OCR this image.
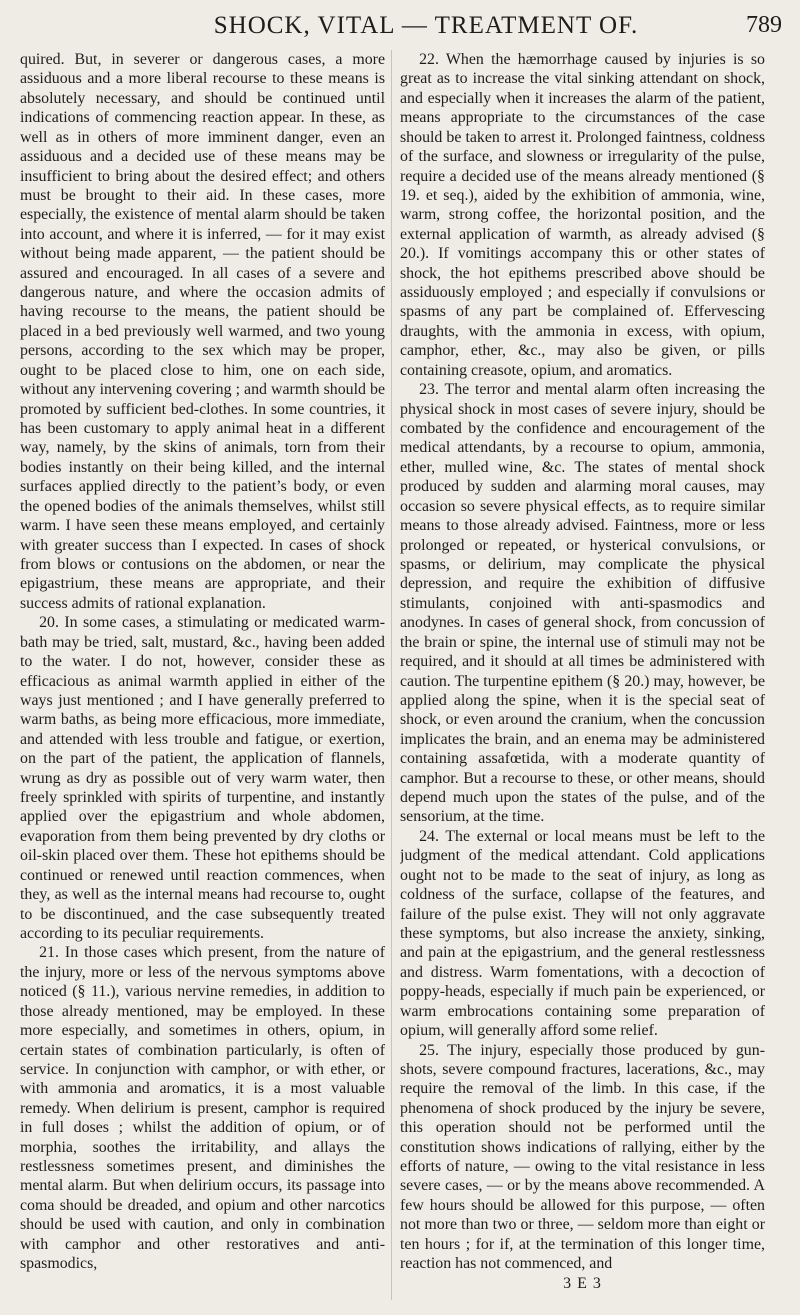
SHOCK, VITAL — TREATMENT OF.	789

quired. But, in severer or dangerous cases, a more assiduous and a more liberal recourse to these means is absolutely necessary, and should be continued until indications of commencing reaction appear. In these, as well as in others of more imminent danger, even an assiduous and a decided use of these means may be insufficient to bring about the desired effect; and others must be brought to their aid. In these cases, more especially, the existence of mental alarm should be taken into account, and where it is inferred, — for it may exist without being made apparent, — the patient should be assured and encouraged. In all cases of a severe and dangerous nature, and where the occasion admits of having recourse to the means, the patient should be placed in a bed previously well warmed, and two young persons, according to the sex which may be proper, ought to be placed close to him, one on each side, without any intervening covering ; and warmth should be promoted by sufficient bed-clothes. In some countries, it has been customary to apply animal heat in a different way, namely, by the skins of animals, torn from their bodies instantly on their being killed, and the internal surfaces applied directly to the patient’s body, or even the opened bodies of the animals themselves, whilst still warm. I have seen these means employed, and certainly with greater success than I expected. In cases of shock from blows or contusions on the abdomen, or near the epigastrium, these means are appropriate, and their success admits of rational explanation.

20. In some cases, a stimulating or medicated warm-bath may be tried, salt, mustard, &c., having been added to the water. I do not, however, consider these as efficacious as animal warmth applied in either of the ways just mentioned ; and I have generally preferred to warm baths, as being more efficacious, more immediate, and attended with less trouble and fatigue, or exertion, on the part of the patient, the application of flannels, wrung as dry as possible out of very warm water, then freely sprinkled with spirits of turpentine, and instantly applied over the epigastrium and whole abdomen, evaporation from them being prevented by dry cloths or oil-skin placed over them. These hot epithems should be continued or renewed until reaction commences, when they, as well as the internal means had recourse to, ought to be discontinued, and the case subsequently treated according to its peculiar requirements.

21. In those cases which present, from the nature of the injury, more or less of the nervous symptoms above noticed (§ 11.), various nervine remedies, in addition to those already mentioned, may be employed. In these more especially, and sometimes in others, opium, in certain states of combination particularly, is often of service. In conjunction with camphor, or with ether, or with ammonia and aromatics, it is a most valuable remedy. When delirium is present, camphor is required in full doses ; whilst the addition of opium, or of morphia, soothes the irritability, and allays the restlessness sometimes present, and diminishes the mental alarm. But when delirium occurs, its passage into coma should be dreaded, and opium and other narcotics should be used with caution, and only in combination with camphor and other restoratives and anti-spasmodics,

22. When the hæmorrhage caused by injuries is so great as to increase the vital sinking attendant on shock, and especially when it increases the alarm of the patient, means appropriate to the circumstances of the case should be taken to arrest it. Prolonged faintness, coldness of the surface, and slowness or irregularity of the pulse, require a decided use of the means already mentioned (§ 19. et seq.), aided by the exhibition of ammonia, wine, warm, strong coffee, the horizontal position, and the external application of warmth, as already advised (§ 20.). If vomitings accompany this or other states of shock, the hot epithems prescribed above should be assiduously employed ; and especially if convulsions or spasms of any part be complained of. Effervescing draughts, with the ammonia in excess, with opium, camphor, ether, &c., may also be given, or pills containing creasote, opium, and aromatics.

23. The terror and mental alarm often increasing the physical shock in most cases of severe injury, should be combated by the confidence and encouragement of the medical attendants, by a recourse to opium, ammonia, ether, mulled wine, &c. The states of mental shock produced by sudden and alarming moral causes, may occasion so severe physical effects, as to require similar means to those already advised. Faintness, more or less prolonged or repeated, or hysterical convulsions, or spasms, or delirium, may complicate the physical depression, and require the exhibition of diffusive stimulants, conjoined with anti-spasmodics and anodynes. In cases of general shock, from concussion of the brain or spine, the internal use of stimuli may not be required, and it should at all times be administered with caution. The turpentine epithem (§ 20.) may, however, be applied along the spine, when it is the special seat of shock, or even around the cranium, when the concussion implicates the brain, and an enema may be administered containing assafœtida, with a moderate quantity of camphor. But a recourse to these, or other means, should depend much upon the states of the pulse, and of the sensorium, at the time.

24. The external or local means must be left to the judgment of the medical attendant. Cold applications ought not to be made to the seat of injury, as long as coldness of the surface, collapse of the features, and failure of the pulse exist. They will not only aggravate these symptoms, but also increase the anxiety, sinking, and pain at the epigastrium, and the general restlessness and distress. Warm fomentations, with a decoction of poppy-heads, especially if much pain be experienced, or warm embrocations containing some preparation of opium, will generally afford some relief.

25. The injury, especially those produced by gun-shots, severe compound fractures, lacerations, &c., may require the removal of the limb. In this case, if the phenomena of shock produced by the injury be severe, this operation should not be performed until the constitution shows indications of rallying, either by the efforts of nature, — owing to the vital resistance in less severe cases, — or by the means above recommended. A few hours should be allowed for this purpose, — often not more than two or three, — seldom more than eight or ten hours ; for if, at the termination of this longer time, reaction has not commenced, and

3 E 3
